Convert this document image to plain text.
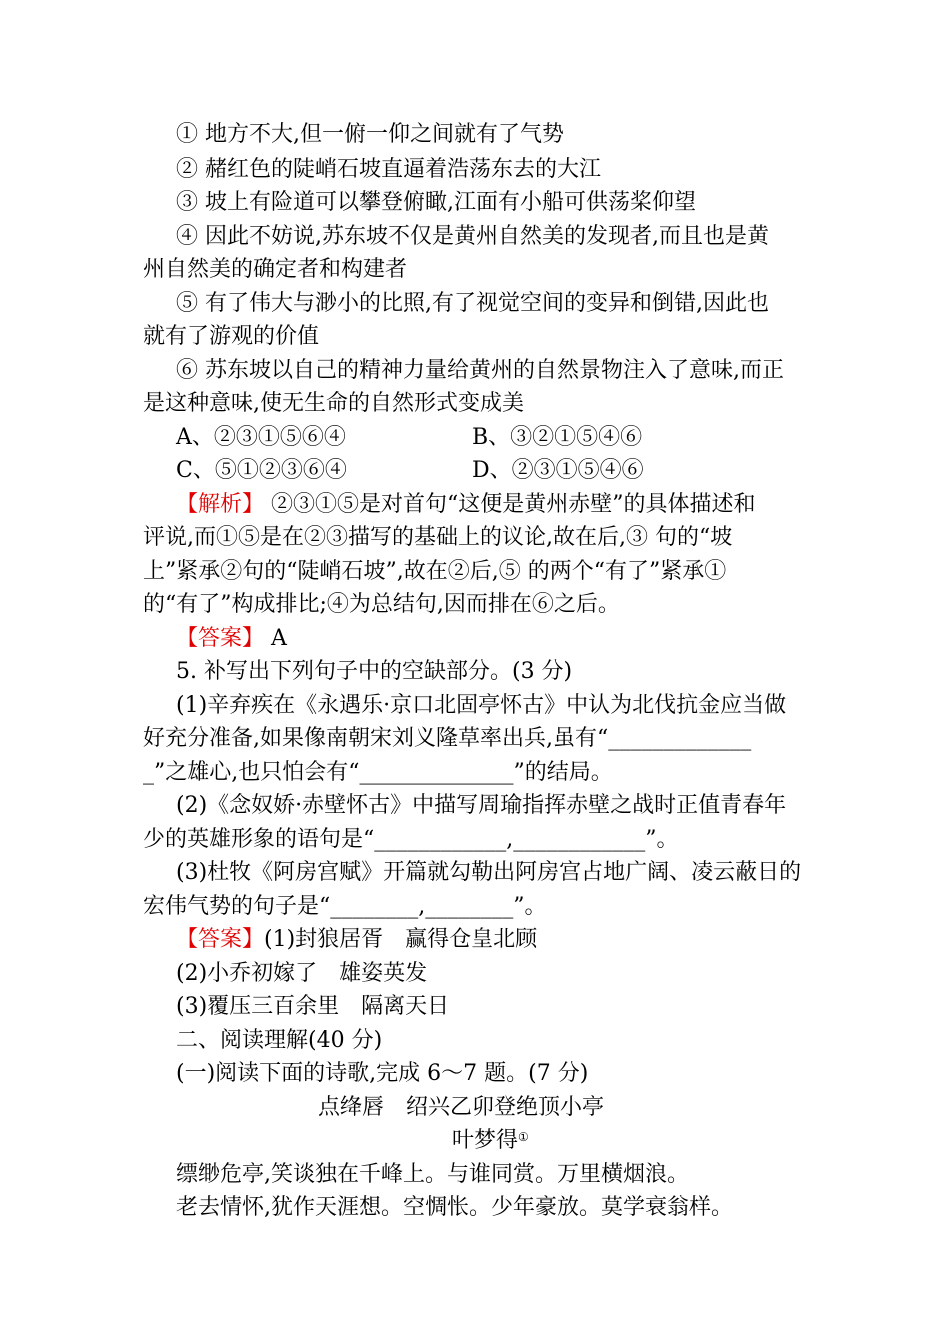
① 地方不大,但一俯一仰之间就有了气势
② 赭红色的陡峭石坡直逼着浩荡东去的大江
③ 坡上有险道可以攀登俯瞰,江面有小船可供荡桨仰望
④ 因此不妨说,苏东坡不仅是黄州自然美的发现者,而且也是黄
州自然美的确定者和构建者
⑤ 有了伟大与渺小的比照,有了视觉空间的变异和倒错,因此也
就有了游观的价值
⑥ 苏东坡以自己的精神力量给黄州的自然景物注入了意味,而正
是这种意味,使无生命的自然形式变成美
A、②③①⑤⑥④	B、③②①⑤④⑥
C、⑤①②③⑥④	D、②③①⑤④⑥
【解析】 ②③①⑤是对首句“这便是黄州赤壁”的具体描述和
评说,而①⑤是在②③描写的基础上的议论,故在后,③ 句的“坡
上”紧承②句的“陡峭石坡”,故在②后,⑤ 的两个“有了”紧承①
的“有了”构成排比;④为总结句,因而排在⑥之后。
【答案】 A
5. 补写出下列句子中的空缺部分。(3 分)
(1)辛弃疾在《永遇乐·京口北固亭怀古》中认为北伐抗金应当做
好充分准备,如果像南朝宋刘义隆草率出兵,虽有“_____________
_”之雄心,也只怕会有“______________”的结局。
(2)《念奴娇·赤壁怀古》中描写周瑜指挥赤壁之战时正值青春年
少的英雄形象的语句是“____________,____________”。
(3)杜牧《阿房宫赋》开篇就勾勒出阿房宫占地广阔、凌云蔽日的
宏伟气势的句子是“________,________”。
【答案】(1)封狼居胥　赢得仓皇北顾
(2)小乔初嫁了　雄姿英发
(3)覆压三百余里　隔离天日
二、阅读理解(40 分)
(一)阅读下面的诗歌,完成 6～7 题。(7 分)
点绛唇　绍兴乙卯登绝顶小亭
叶梦得①
缥缈危亭,笑谈独在千峰上。与谁同赏。万里横烟浪。
老去情怀,犹作天涯想。空惆怅。少年豪放。莫学衰翁样。
